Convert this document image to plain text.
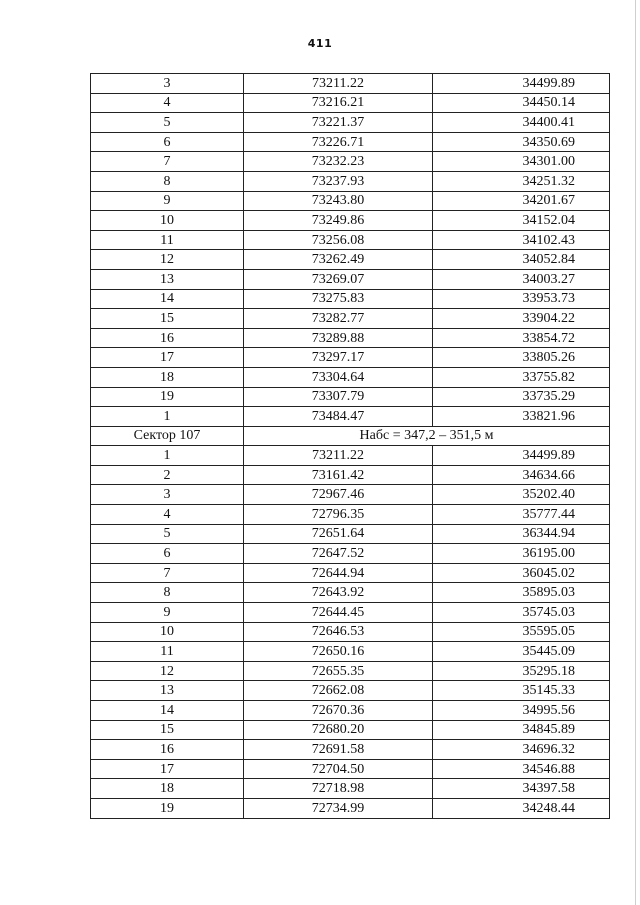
411
3	73211.22	34499.89
4	73216.21	34450.14
5	73221.37	34400.41
6	73226.71	34350.69
7	73232.23	34301.00
8	73237.93	34251.32
9	73243.80	34201.67
10	73249.86	34152.04
11	73256.08	34102.43
12	73262.49	34052.84
13	73269.07	34003.27
14	73275.83	33953.73
15	73282.77	33904.22
16	73289.88	33854.72
17	73297.17	33805.26
18	73304.64	33755.82
19	73307.79	33735.29
1	73484.47	33821.96
Сектор 107	Набс = 347,2 – 351,5 м	
1	73211.22	34499.89
2	73161.42	34634.66
3	72967.46	35202.40
4	72796.35	35777.44
5	72651.64	36344.94
6	72647.52	36195.00
7	72644.94	36045.02
8	72643.92	35895.03
9	72644.45	35745.03
10	72646.53	35595.05
11	72650.16	35445.09
12	72655.35	35295.18
13	72662.08	35145.33
14	72670.36	34995.56
15	72680.20	34845.89
16	72691.58	34696.32
17	72704.50	34546.88
18	72718.98	34397.58
19	72734.99	34248.44
